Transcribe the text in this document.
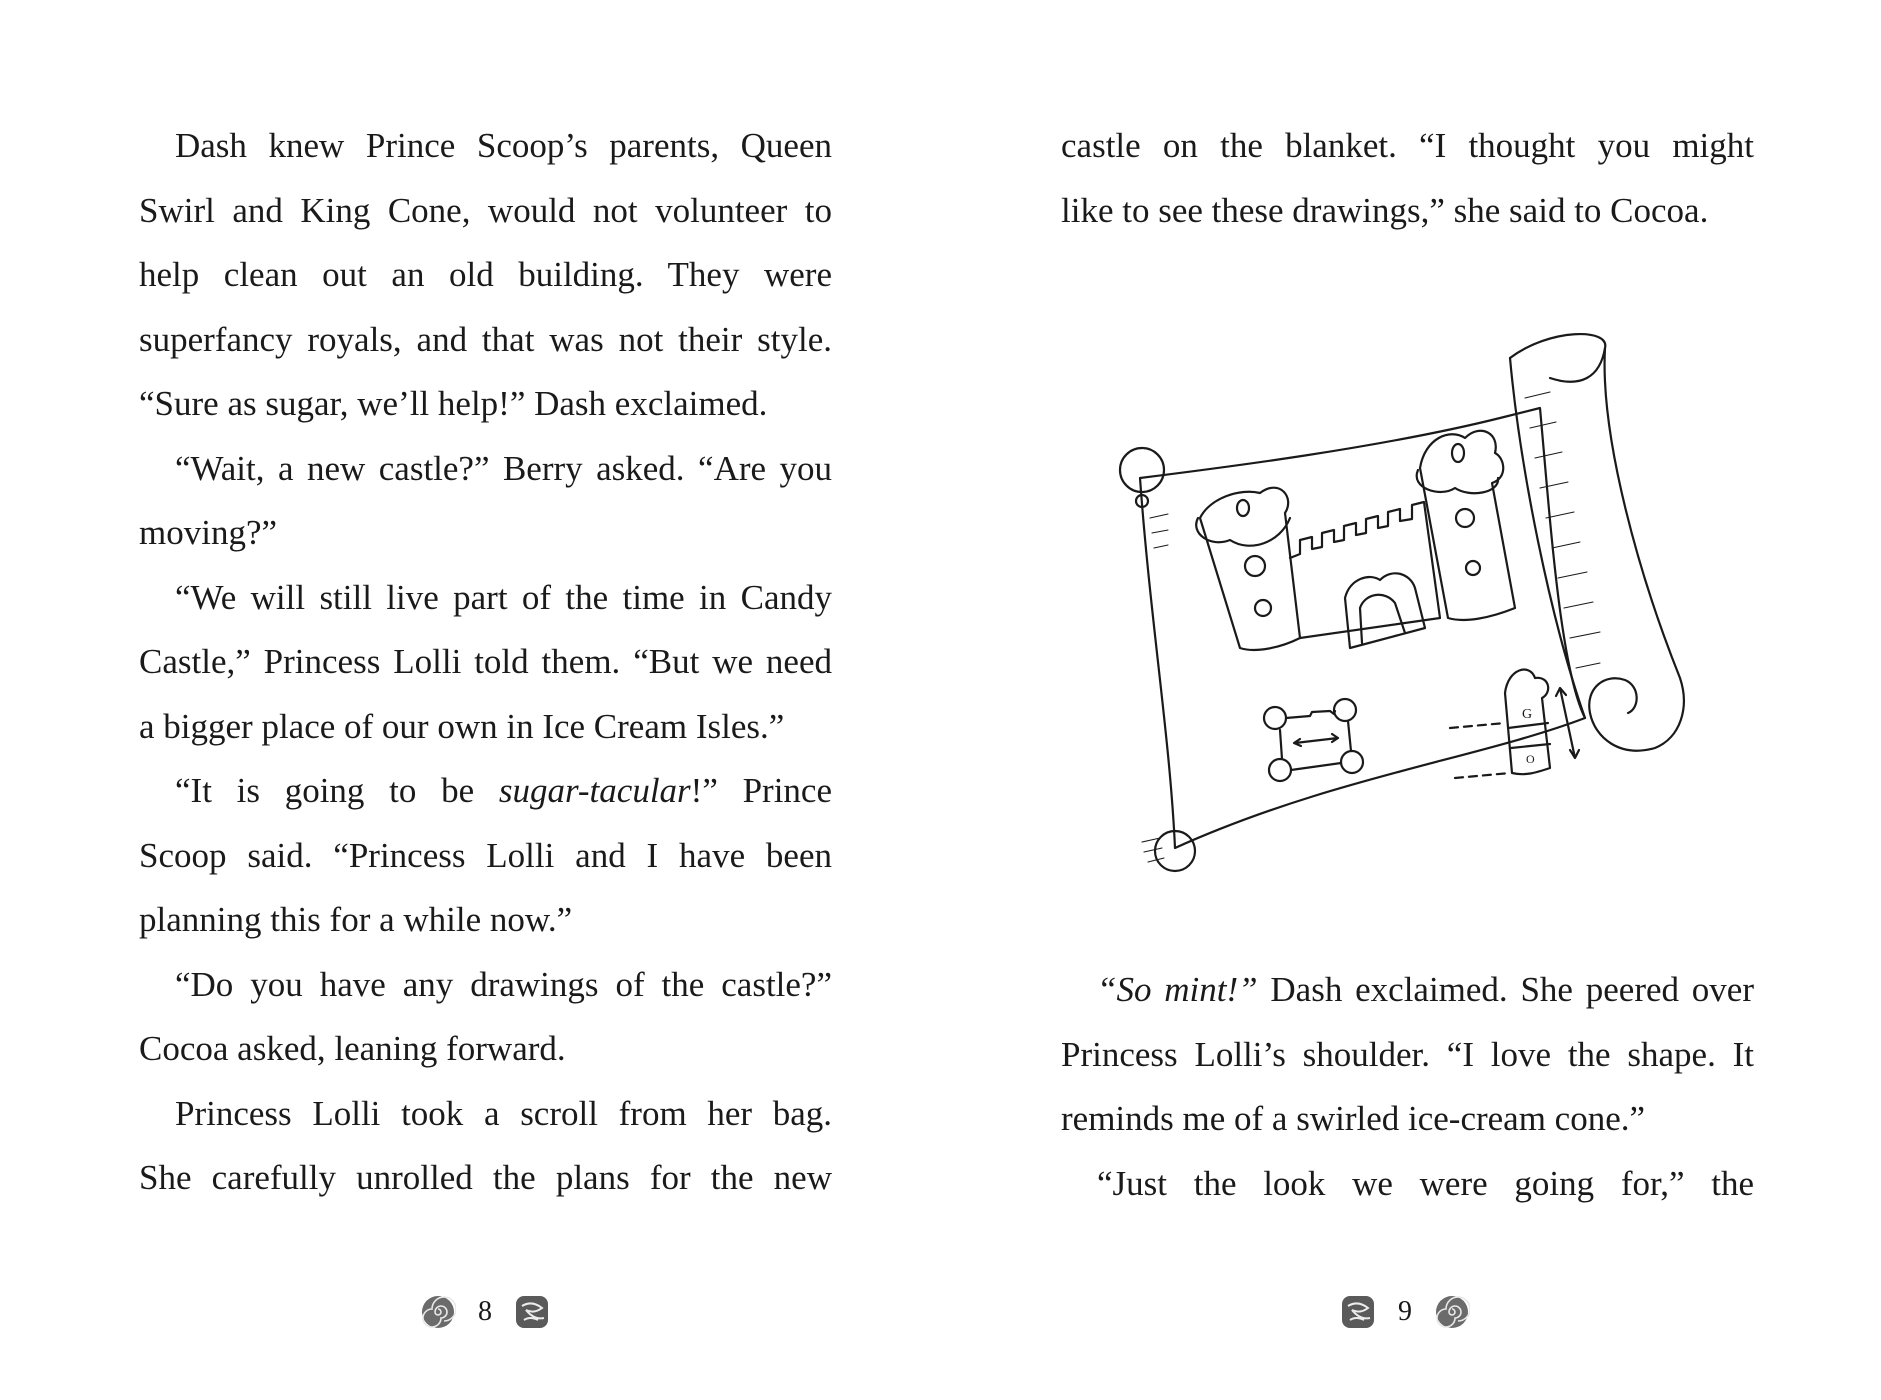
Dash knew Prince Scoop’s parents, Queen

Swirl and King Cone, would not volunteer to

help clean out an old building. They were

superfancy royals, and that was not their style.

“Sure as sugar, we’ll help!” Dash exclaimed.

“Wait, a new castle?” Berry asked. “Are you

moving?”

“We will still live part of the time in Candy

Castle,” Princess Lolli told them. “But we need

a bigger place of our own in Ice Cream Isles.”

“It is going to be sugar-tacular!” Prince

Scoop said. “Princess Lolli and I have been

planning this for a while now.”

“Do you have any drawings of the castle?”

Cocoa asked, leaning forward.

Princess Lolli took a scroll from her bag.

She carefully unrolled the plans for the new

8

castle on the blanket. “I thought you might

like to see these drawings,” she said to Cocoa.

G
O

“So mint!” Dash exclaimed. She peered over

Princess Lolli’s shoulder. “I love the shape. It

reminds me of a swirled ice-cream cone.”

“Just the look we were going for,” the

9
